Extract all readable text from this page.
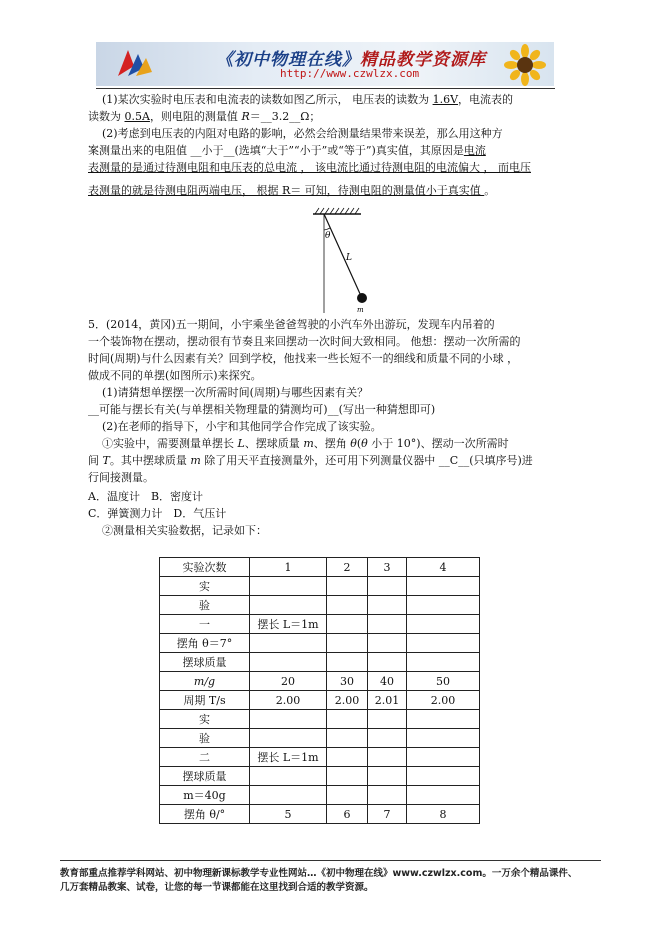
《初中物理在线》精品教学资源库
http://www.czwlzx.com
(1)某次实验时电压表和电流表的读数如图乙所示， 电压表的读数为 1.6V，电流表的
读数为 0.5A，则电阻的测量值 R＝__3.2__Ω；
(2)考虑到电压表的内阻对电路的影响，必然会给测量结果带来误差，那么用这种方
案测量出来的电阻值 __小于__(选填“大于”“小于”或“等于”)真实值，其原因是电流
表测量的是通过待测电阻和电压表的总电流 ， 该电流比通过待测电阻的电流偏大 ， 而电压
表测量的就是待测电阻两端电压， 根据 R＝ 可知，待测电阻的测量值小于真实值 。
θ
L
m
5．(2014，黄冈)五一期间，小宇乘坐爸爸驾驶的小汽车外出游玩，发现车内吊着的
一个装饰物在摆动，摆动很有节奏且来回摆动一次时间大致相同。 他想：摆动一次所需的
时间(周期)与什么因素有关？回到学校，他找来一些长短不一的细线和质量不同的小球 ，
做成不同的单摆(如图所示)来探究。
(1)请猜想单摆摆一次所需时间(周期)与哪些因素有关？
__可能与摆长有关(与单摆相关物理量的猜测均可)__(写出一种猜想即可)
(2)在老师的指导下，小宇和其他同学合作完成了该实验。
①实验中，需要测量单摆长 L、摆球质量 m、摆角 θ(θ 小于 10°)、摆动一次所需时
间 T。其中摆球质量 m 除了用天平直接测量外，还可用下列测量仪器中 __C__(只填序号)进
行间接测量。
A．温度计　B．密度计
C．弹簧测力计　D．气压计
②测量相关实验数据，记录如下：
实验次数	1	2	3	4
实				
验				
一	摆长 L＝1m			
摆角 θ＝7°				
摆球质量				
m/g	20	30	40	50
周期 T/s	2.00	2.00	2.01	2.00
实				
验				
二	摆长 L＝1m			
摆球质量				
m＝40g				
摆角 θ/°	5	6	7	8
教育部重点推荐学科网站、初中物理新课标教学专业性网站…《初中物理在线》www.czwlzx.com。一万余个精品课件、
几万套精品教案、试卷，让您的每一节课都能在这里找到合适的教学资源。
